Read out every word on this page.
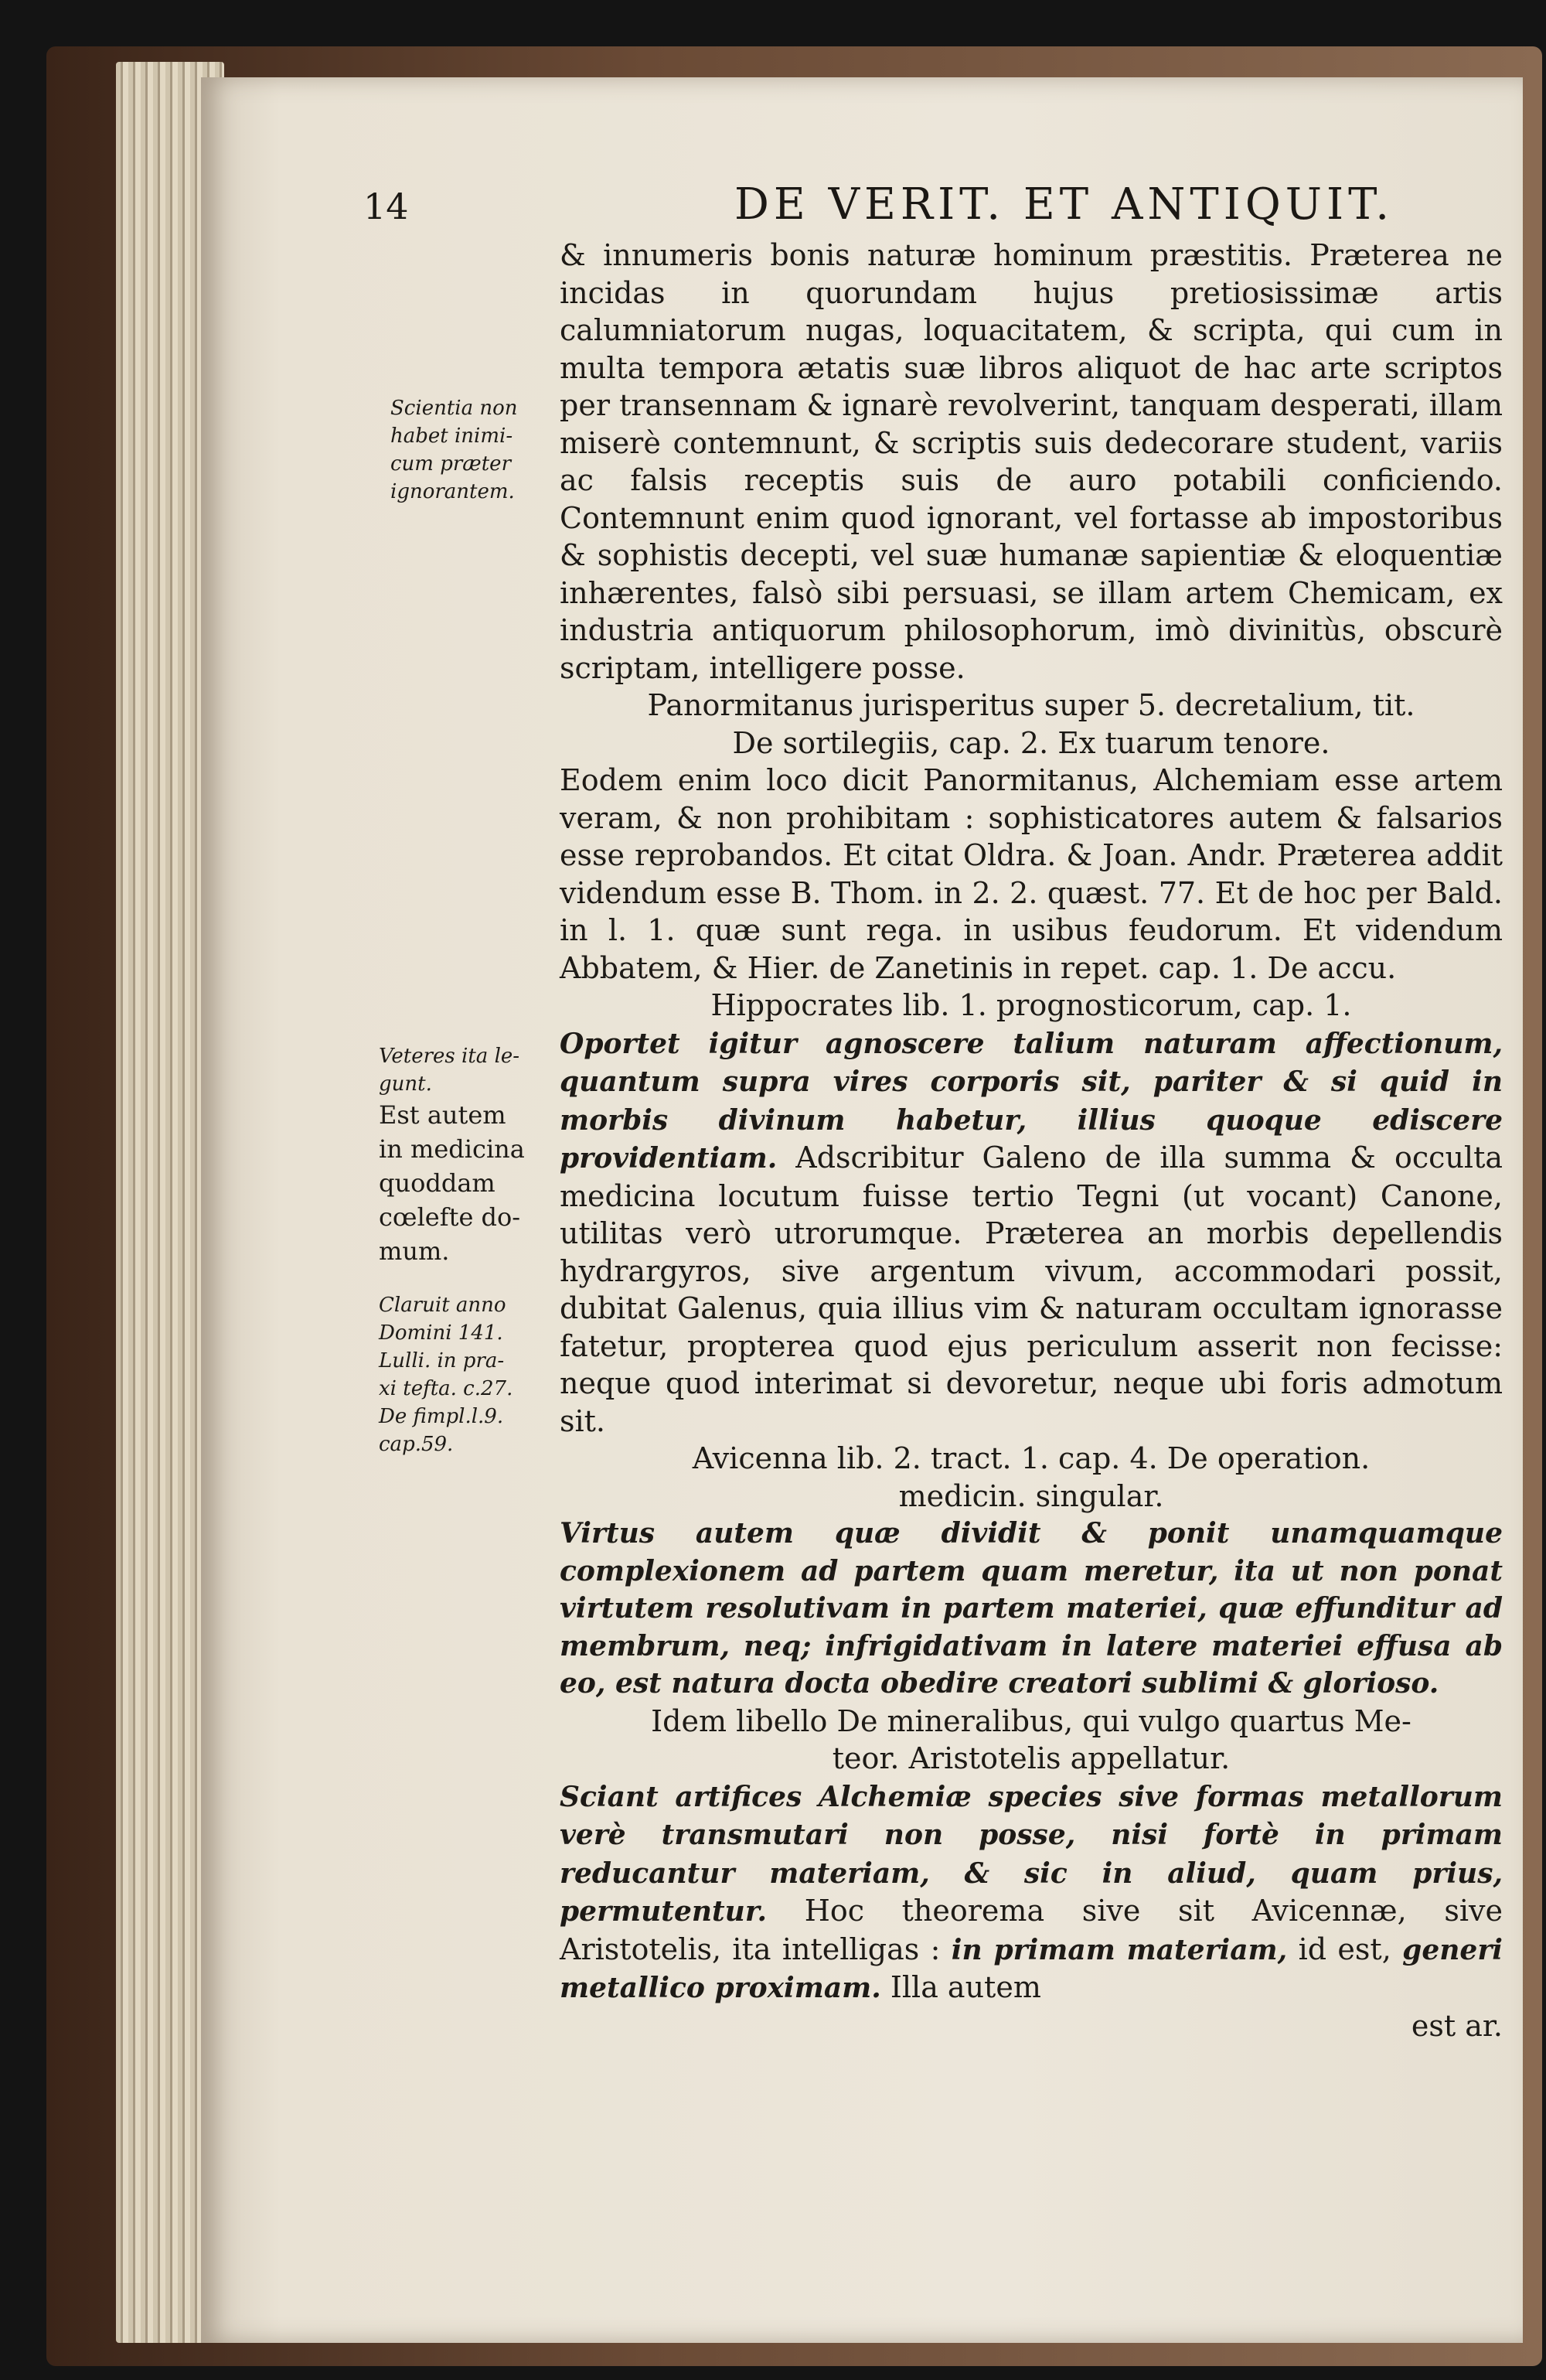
14	DE VERIT. ET ANTIQUIT.
Scientia non
habet inimi-
cum præter
ignorantem.
Veteres ita le-
gunt.
Est autem
in medicina
quoddam
cœlefte do-
mum.
Claruit anno
Domini 141.
Lulli. in pra-
xi tefta. c.27.
De fimpl.l.9.
cap.59.

& innumeris bonis naturæ hominum præstitis. Præterea ne incidas in quorundam hujus pretiosissimæ artis calumniatorum nugas, loquacitatem, & scripta, qui cum in multa tempora ætatis suæ libros aliquot de hac arte scriptos per transennam & ignarè revolverint, tanquam desperati, illam miserè contemnunt, & scriptis suis dedecorare student, variis ac falsis receptis suis de auro potabili conficiendo. Contemnunt enim quod ignorant, vel fortasse ab impostoribus & sophistis decepti, vel suæ humanæ sapientiæ & eloquentiæ inhærentes, falsò sibi persuasi, se illam artem Chemicam, ex industria antiquorum philosophorum, imò divinitùs, obscurè scriptam, intelligere posse.

Panormitanus jurisperitus super 5. decretalium, tit.

De sortilegiis, cap. 2. Ex tuarum tenore.

Eodem enim loco dicit Panormitanus, Alchemiam esse artem veram, & non prohibitam : sophisticatores autem & falsarios esse reprobandos. Et citat Oldra. & Joan. Andr. Præterea addit videndum esse B. Thom. in 2. 2. quæst. 77. Et de hoc per Bald. in l. 1. quæ sunt rega. in usibus feudorum. Et videndum Abbatem, & Hier. de Zanetinis in repet. cap. 1. De accu.

Hippocrates lib. 1. prognosticorum, cap. 1.

Oportet igitur agnoscere talium naturam affectionum, quantum supra vires corporis sit, pariter & si quid in morbis divinum habetur, illius quoque ediscere providentiam. Adscribitur Galeno de illa summa & occulta medicina locutum fuisse tertio Tegni (ut vocant) Canone, utilitas verò utrorumque. Præterea an morbis depellendis hydrargyros, sive argentum vivum, accommodari possit, dubitat Galenus, quia illius vim & naturam occultam ignorasse fatetur, propterea quod ejus periculum asserit non fecisse: neque quod interimat si devoretur, neque ubi foris admotum sit.

Avicenna lib. 2. tract. 1. cap. 4. De operation.

medicin. singular.

Virtus autem quæ dividit & ponit unamquamque complexionem ad partem quam meretur, ita ut non ponat virtutem resolutivam in partem materiei, quæ effunditur ad membrum, neq; infrigidativam in latere materiei effusa ab eo, est natura docta obedire creatori sublimi & glorioso.

Idem libello De mineralibus, qui vulgo quartus Me-

teor. Aristotelis appellatur.

Sciant artifices Alchemiæ species sive formas metallorum verè transmutari non posse, nisi fortè in primam reducantur materiam, & sic in aliud, quam prius, permutentur. Hoc theorema sive sit Avicennæ, sive Aristotelis, ita intelligas : in primam materiam, id est, generi metallico proximam. Illa autem

est ar.
